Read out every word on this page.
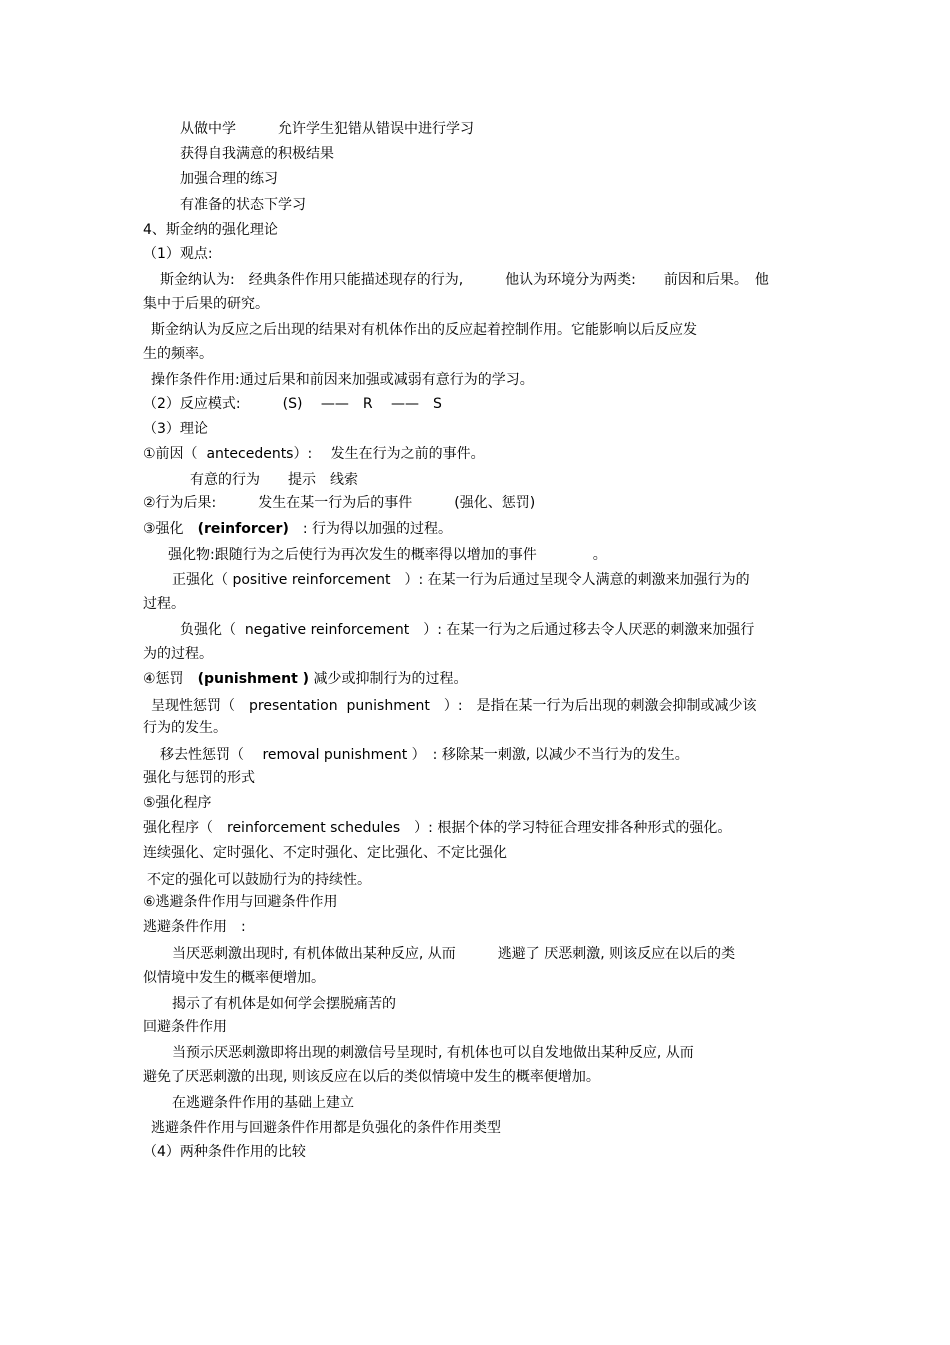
从做中学　　　允许学生犯错从错误中进行学习
获得自我满意的积极结果
加强合理的练习
有准备的状态下学习
4、斯金纳的强化理论
（1）观点:
斯金纳认为:　经典条件作用只能描述现存的行为,　　　他认为环境分为两类:　　前因和后果。　他
集中于后果的研究。
斯金纳认为反应之后出现的结果对有机体作出的反应起着控制作用。它能影响以后反应发
生的频率。
操作条件作用:通过后果和前因来加强或减弱有意行为的学习。
（2）反应模式:　　　(S)　 ——　R　 ——　S
（3）理论
①前因（  antecedents）:　 发生在行为之前的事件。
有意的行为　　提示　线索
②行为后果:　　　发生在某一行为后的事件　　　(强化、惩罚)
③强化　(reinforcer)　: 行为得以加强的过程。
强化物:跟随行为之后使行为再次发生的概率得以增加的事件　　　　。
正强化（ positive reinforcement　）: 在某一行为后通过呈现令人满意的刺激来加强行为的
过程。
负强化（  negative reinforcement　）: 在某一行为之后通过移去令人厌恶的刺激来加强行
为的过程。
④惩罚　(punishment ) 减少或抑制行为的过程。
呈现性惩罚（　presentation  punishment　）:　是指在某一行为后出现的刺激会抑制或减少该
行为的发生。
移去性惩罚（　 removal punishment ）　: 移除某一刺激, 以减少不当行为的发生。
强化与惩罚的形式
⑤强化程序
强化程序（　reinforcement schedules　）: 根据个体的学习特征合理安排各种形式的强化。
连续强化、定时强化、不定时强化、定比强化、不定比强化
不定的强化可以鼓励行为的持续性。
⑥逃避条件作用与回避条件作用
逃避条件作用　:
当厌恶刺激出现时, 有机体做出某种反应, 从而　　　逃避了 厌恶刺激, 则该反应在以后的类
似情境中发生的概率便增加。
揭示了有机体是如何学会摆脱痛苦的
回避条件作用
当预示厌恶刺激即将出现的刺激信号呈现时, 有机体也可以自发地做出某种反应, 从而
避免了厌恶刺激的出现, 则该反应在以后的类似情境中发生的概率便增加。
在逃避条件作用的基础上建立
逃避条件作用与回避条件作用都是负强化的条件作用类型
（4）两种条件作用的比较
